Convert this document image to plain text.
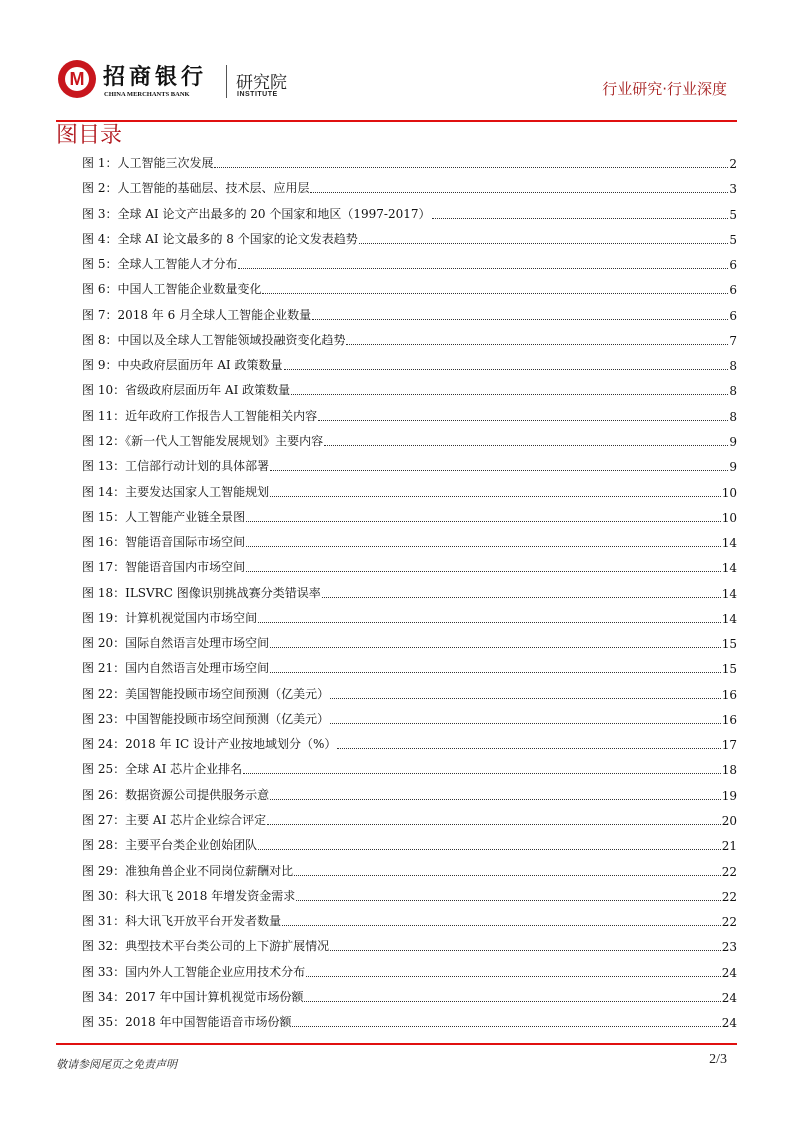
M 招商银行
CHINA MERCHANTS BANK
研究院
INSTITUTE	行业研究·行业深度
图目录
图 1：人工智能三次发展	2
图 2：人工智能的基础层、技术层、应用层	3
图 3：全球 AI 论文产出最多的 20 个国家和地区（1997-2017）	5
图 4：全球 AI 论文最多的 8 个国家的论文发表趋势	5
图 5：全球人工智能人才分布	6
图 6：中国人工智能企业数量变化	6
图 7：2018 年 6 月全球人工智能企业数量	6
图 8：中国以及全球人工智能领域投融资变化趋势	7
图 9：中央政府层面历年 AI 政策数量	8
图 10：省级政府层面历年 AI 政策数量	8
图 11：近年政府工作报告人工智能相关内容	8
图 12：《新一代人工智能发展规划》主要内容	9
图 13：工信部行动计划的具体部署	9
图 14：主要发达国家人工智能规划	10
图 15：人工智能产业链全景图	10
图 16：智能语音国际市场空间	14
图 17：智能语音国内市场空间	14
图 18：ILSVRC 图像识别挑战赛分类错误率	14
图 19：计算机视觉国内市场空间	14
图 20：国际自然语言处理市场空间	15
图 21：国内自然语言处理市场空间	15
图 22：美国智能投顾市场空间预测（亿美元）	16
图 23：中国智能投顾市场空间预测（亿美元）	16
图 24：2018 年 IC 设计产业按地域划分（%）	17
图 25：全球 AI 芯片企业排名	18
图 26：数据资源公司提供服务示意	19
图 27：主要 AI 芯片企业综合评定	20
图 28：主要平台类企业创始团队	21
图 29：准独角兽企业不同岗位薪酬对比	22
图 30：科大讯飞 2018 年增发资金需求	22
图 31：科大讯飞开放平台开发者数量	22
图 32：典型技术平台类公司的上下游扩展情况	23
图 33：国内外人工智能企业应用技术分布	24
图 34：2017 年中国计算机视觉市场份额	24
图 35：2018 年中国智能语音市场份额	24
敬请参阅尾页之免责声明	2/3
